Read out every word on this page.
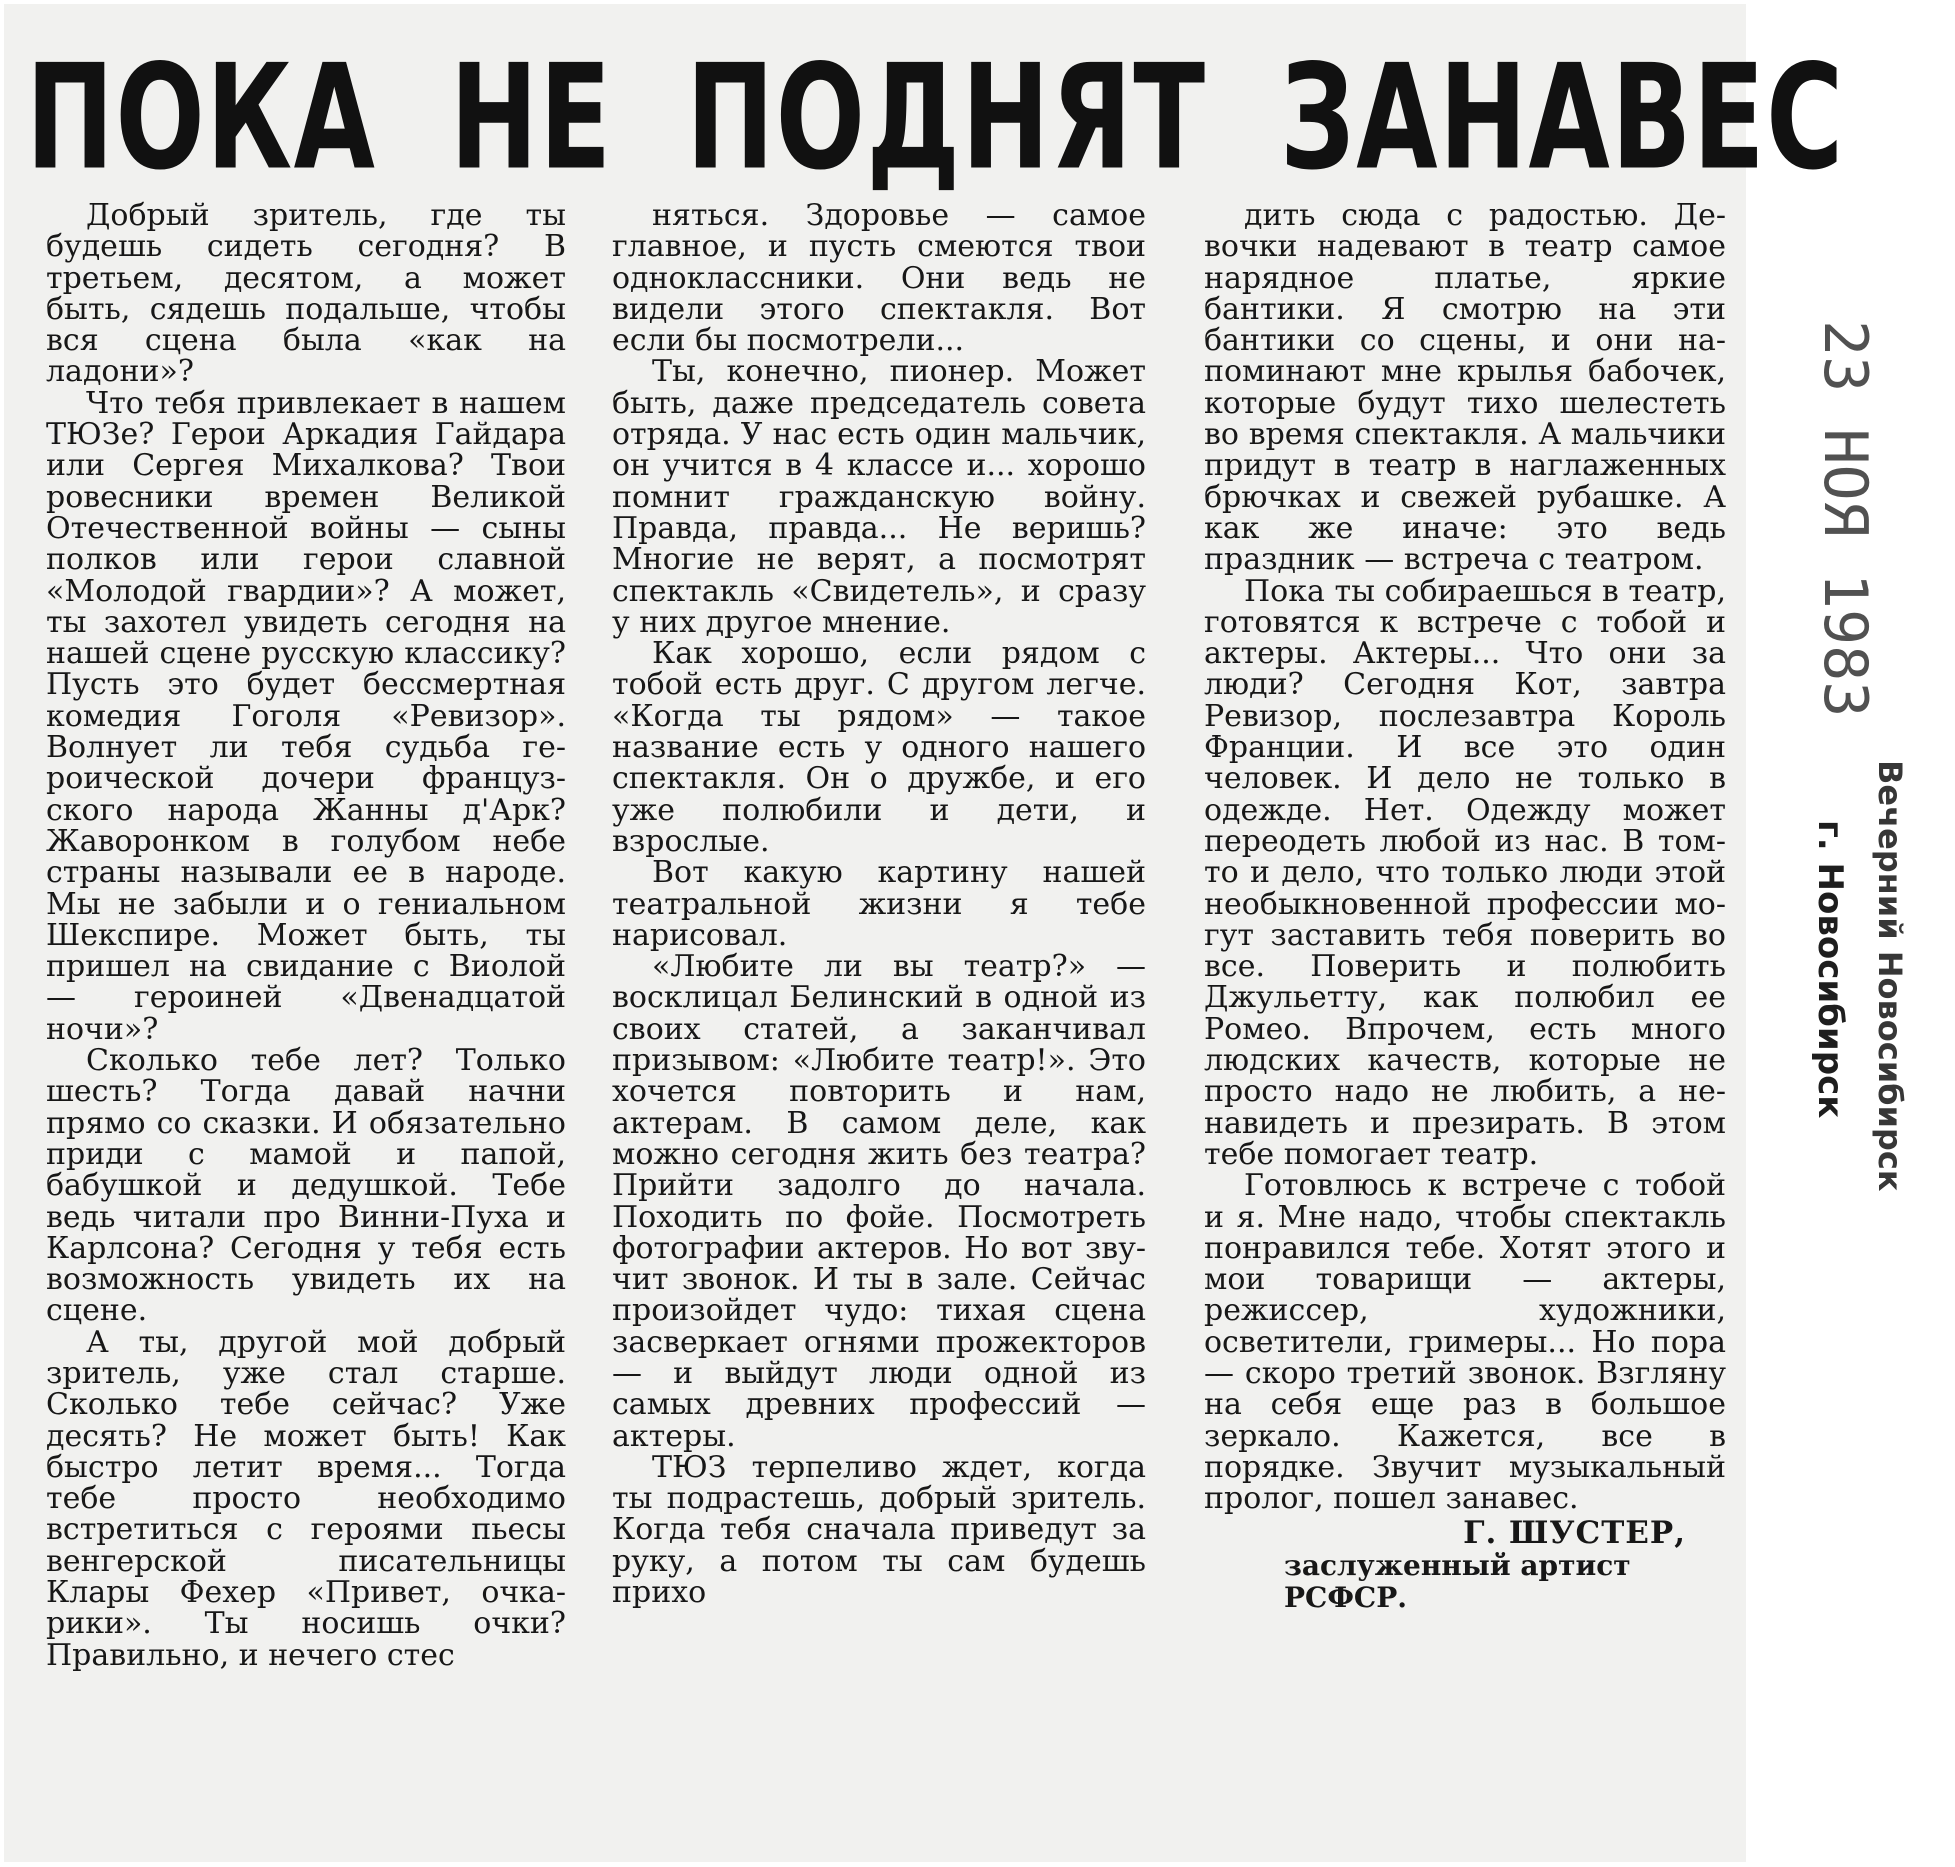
ПОКА НЕ ПОДНЯТ ЗАНАВЕС

Добрый зритель, где ты будешь сидеть сегодня? В третьем, десятом, а может быть, сядешь подальше, чтобы вся сцена была «как на ладони»?

Что тебя привлекает в нашем ТЮЗе? Герои Аркадия Гайдара или Сергея Михалкова? Твои ровесники времен Великой Отечественной войны — сыны полков или герои славной «Молодой гвардии»? А может, ты захотел увидеть сегодня на нашей сцене русскую классику? Пусть это будет бессмертная комедия Гоголя «Ревизор». Волнует ли тебя судьба героической дочери французского народа Жанны д'Арк? Жаворонком в голубом небе страны называли ее в народе. Мы не забыли и о гениальном Шекспире. Может быть, ты пришел на свидание с Виолой — героиней «Двенадцатой ночи»?

Сколько тебе лет? Только шесть? Тогда давай начни прямо со сказки. И обязательно приди с мамой и папой, бабушкой и дедушкой. Тебе ведь читали про Винни-Пуха и Карлсона? Сегодня у тебя есть возможность увидеть их на сцене.

А ты, другой мой добрый зритель, уже стал старше. Сколько тебе сейчас? Уже десять? Не может быть! Как быстро летит время... Тогда тебе просто необходимо встретиться с героями пьесы венгерской писательницы Клары Фехер «Привет, очкарики». Ты носишь очки? Правильно, и нечего стес

няться. Здоровье — самое главное, и пусть смеются твои одноклассники. Они ведь не видели этого спектакля. Вот если бы посмотрели...

Ты, конечно, пионер. Может быть, даже председатель совета отряда. У нас есть один мальчик, он учится в 4 классе и... хорошо помнит гражданскую войну. Правда, правда... Не веришь? Многие не верят, а посмотрят спектакль «Свидетель», и сразу у них другое мнение.

Как хорошо, если рядом с тобой есть друг. С другом легче. «Когда ты рядом» — такое название есть у одного нашего спектакля. Он о дружбе, и его уже полюбили и дети, и взрослые.

Вот какую картину нашей театральной жизни я тебе нарисовал.

«Любите ли вы театр?» — восклицал Белинский в одной из своих статей, а заканчивал призывом: «Любите театр!». Это хочется повторить и нам, актерам. В самом деле, как можно сегодня жить без театра? Прийти задолго до начала. Походить по фойе. Посмотреть фотографии актеров. Но вот звучит звонок. И ты в зале. Сейчас произойдет чудо: тихая сцена засверкает огнями прожекторов — и выйдут люди одной из самых древних профессий — актеры.

ТЮЗ терпеливо ждет, когда ты подрастешь, добрый зритель. Когда тебя сначала приведут за руку, а потом ты сам будешь прихо

дить сюда с радостью. Девочки надевают в театр самое нарядное платье, яркие бантики. Я смотрю на эти бантики со сцены, и они напоминают мне крылья бабочек, которые будут тихо шелестеть во время спектакля. А мальчики придут в театр в наглаженных брючках и свежей рубашке. А как же иначе: это ведь праздник — встреча с театром.

Пока ты собираешься в театр, готовятся к встрече с тобой и актеры. Актеры... Что они за люди? Сегодня Кот, завтра Ревизор, послезавтра Король Франции. И все это один человек. И дело не только в одежде. Нет. Одежду может переодеть любой из нас. В том-то и дело, что только люди этой необыкновенной профессии могут заставить тебя поверить во все. Поверить и полюбить Джульетту, как полюбил ее Ромео. Впрочем, есть много людских качеств, которые не просто надо не любить, а ненавидеть и презирать. В этом тебе помогает театр.

Готовлюсь к встрече с тобой и я. Мне надо, чтобы спектакль понравился тебе. Хотят этого и мои товарищи — актеры, режиссер, художники, осветители, гримеры... Но пора — скоро третий звонок. Взгляну на себя еще раз в большое зеркало. Кажется, все в порядке. Звучит музыкальный пролог, пошел занавес.

Г. ШУСТЕР,
заслуженный артист
РСФСР.
23 НОЯ 1983
Вечерний Новосибирск
г. Новосибирск
